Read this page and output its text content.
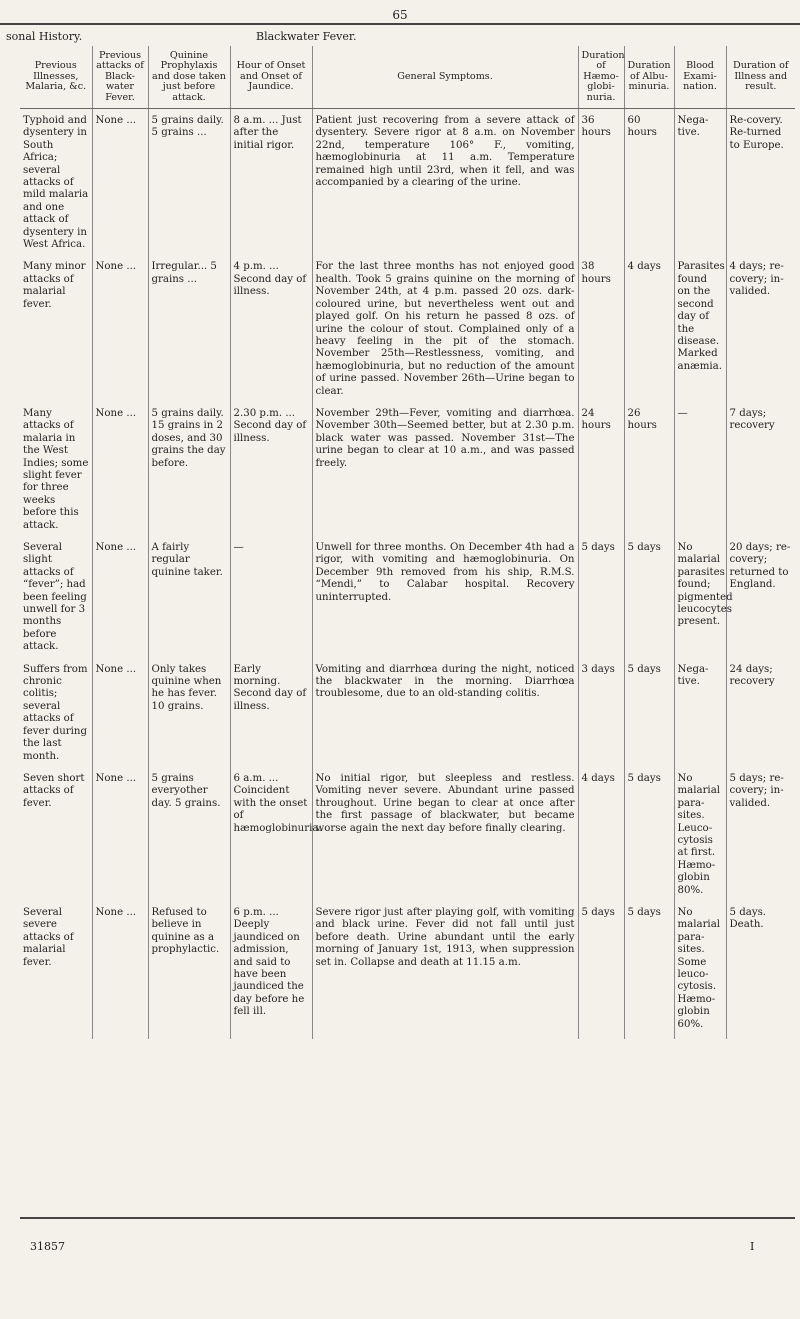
65
sonal History.	Blackwater Fever.
Previous Illnesses, Malaria, &c.	Previous attacks of Black-water Fever.	Quinine Prophylaxis and dose taken just before attack.	Hour of Onset and Onset of Jaundice.	General Symptoms.	Duration of Hæmo-globi-nuria.	Duration of Albu-minuria.	Blood Exami-nation.	Duration of Illness and result.
Typhoid and dysentery in South Africa; several attacks of mild malaria and one attack of dysentery in West Africa.	None ...	5 grains daily. 5 grains ...	8 a.m. ... Just after the initial rigor.	Patient just recovering from a severe attack of dysentery. Severe rigor at 8 a.m. on November 22nd, temperature 106° F., vomiting, hæmoglobinuria at 11 a.m. Temperature remained high until 23rd, when it fell, and was accompanied by a clearing of the urine.	36 hours	60 hours	Nega-tive.	Re-covery. Re-turned to Europe.
Many minor attacks of malarial fever.	None ...	Irregular... 5 grains ...	4 p.m. ... Second day of illness.	For the last three months has not enjoyed good health. Took 5 grains quinine on the morning of November 24th, at 4 p.m. passed 20 ozs. dark-coloured urine, but nevertheless went out and played golf. On his return he passed 8 ozs. of urine the colour of stout. Complained only of a heavy feeling in the pit of the stomach. November 25th—Restlessness, vomiting, and hæmoglobinuria, but no reduction of the amount of urine passed. November 26th—Urine began to clear.	38 hours	4 days	Parasites found on the second day of the disease. Marked anæmia.	4 days; re-covery; in-valided.
Many attacks of malaria in the West Indies; some slight fever for three weeks before this attack.	None ...	5 grains daily. 15 grains in 2 doses, and 30 grains the day before.	2.30 p.m. ... Second day of illness.	November 29th—Fever, vomiting and diarrhœa. November 30th—Seemed better, but at 2.30 p.m. black water was passed. November 31st—The urine began to clear at 10 a.m., and was passed freely.	24 hours	26 hours	—	7 days; recovery
Several slight attacks of “fever”; had been feeling unwell for 3 months before attack.	None ...	A fairly regular quinine taker.	—	Unwell for three months. On December 4th had a rigor, with vomiting and hæmoglobinuria. On December 9th removed from his ship, R.M.S. “Mendi,” to Calabar hospital. Recovery uninterrupted.	5 days	5 days	No malarial parasites found; pigmented leucocytes present.	20 days; re-covery; returned to England.
Suffers from chronic colitis; several attacks of fever during the last month.	None ...	Only takes quinine when he has fever. 10 grains.	Early morning. Second day of illness.	Vomiting and diarrhœa during the night, noticed the blackwater in the morning. Diarrhœa troublesome, due to an old-standing colitis.	3 days	5 days	Nega-tive.	24 days; recovery
Seven short attacks of fever.	None ...	5 grains everyother day. 5 grains.	6 a.m. ... Coincident with the onset of hæmoglobinuria.	No initial rigor, but sleepless and restless. Vomiting never severe. Abundant urine passed throughout. Urine began to clear at once after the first passage of blackwater, but became worse again the next day before finally clearing.	4 days	5 days	No malarial para-sites. Leuco-cytosis at first. Hæmo-globin 80%.	5 days; re-covery; in-valided.
Several severe attacks of malarial fever.	None ...	Refused to believe in quinine as a prophylactic.	6 p.m. ... Deeply jaundiced on admission, and said to have been jaundiced the day before he fell ill.	Severe rigor just after playing golf, with vomiting and black urine. Fever did not fall until just before death. Urine abundant until the early morning of January 1st, 1913, when suppression set in. Collapse and death at 11.15 a.m.	5 days	5 days	No malarial para-sites. Some leuco-cytosis. Hæmo-globin 60%.	5 days. Death.
31857	I
